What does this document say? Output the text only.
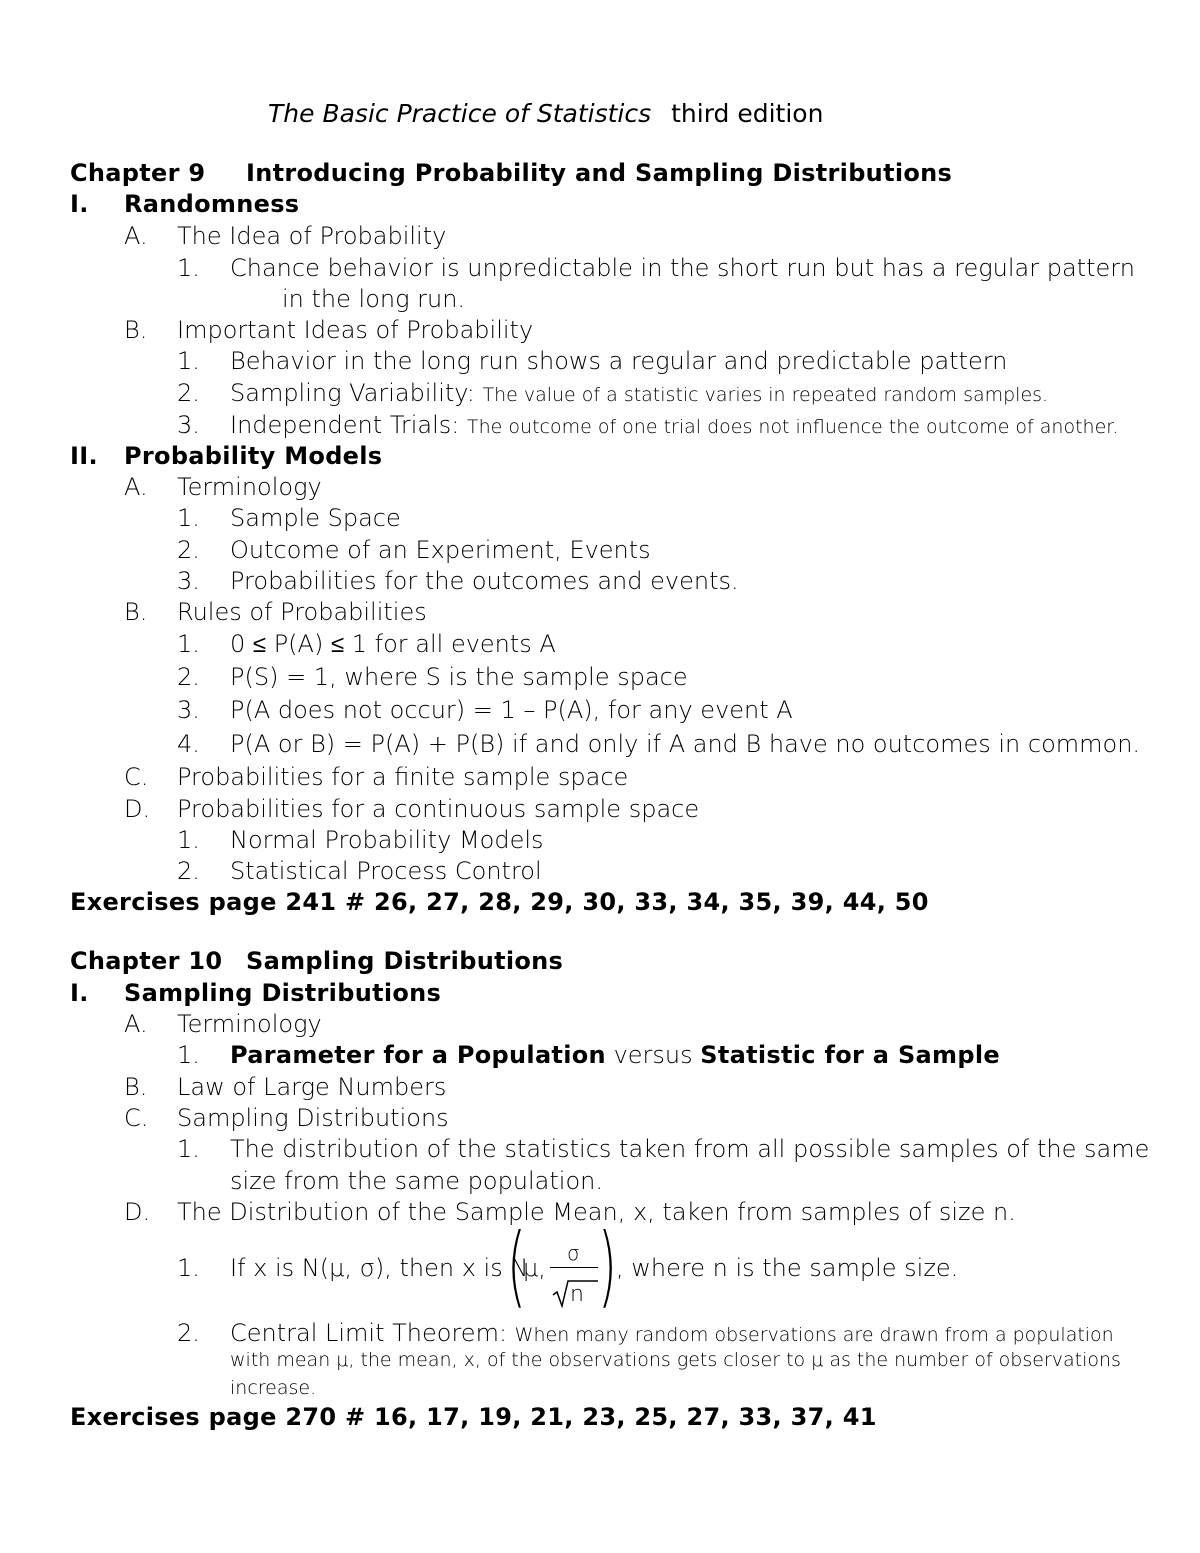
The Basic Practice of Statistics third edition
Chapter 9 Introducing Probability and Sampling Distributions
I. Randomness
A. The Idea of Probability
1. Chance behavior is unpredictable in the short run but has a regular pattern
in the long run.
B. Important Ideas of Probability
1. Behavior in the long run shows a regular and predictable pattern
2. Sampling Variability: The value of a statistic varies in repeated random samples.
3. Independent Trials: The outcome of one trial does not influence the outcome of another.
II. Probability Models
A. Terminology
1. Sample Space
2. Outcome of an Experiment, Events
3. Probabilities for the outcomes and events.
B. Rules of Probabilities
1. 0 ≤ P(A) ≤ 1 for all events A
2. P(S) = 1, where S is the sample space
3. P(A does not occur) = 1 – P(A), for any event A
4. P(A or B) = P(A) + P(B) if and only if A and B have no outcomes in common.
C. Probabilities for a finite sample space
D. Probabilities for a continuous sample space
1. Normal Probability Models
2. Statistical Process Control
Exercises page 241 # 26, 27, 28, 29, 30, 33, 34, 35, 39, 44, 50
Chapter 10 Sampling Distributions
I. Sampling Distributions
A. Terminology
1. Parameter for a Population versus Statistic for a Sample
B. Law of Large Numbers
C. Sampling Distributions
1. The distribution of the statistics taken from all possible samples of the same
size from the same population.
D. The Distribution of the Sample Mean, x, taken from samples of size n.
1. If x is N(μ, σ), then x is N
(
μ,
σ
n ) , where n is the sample size.
2. Central Limit Theorem: When many random observations are drawn from a population
with mean μ, the mean, x, of the observations gets closer to μ as the number of observations
increase.
Exercises page 270 # 16, 17, 19, 21, 23, 25, 27, 33, 37, 41
